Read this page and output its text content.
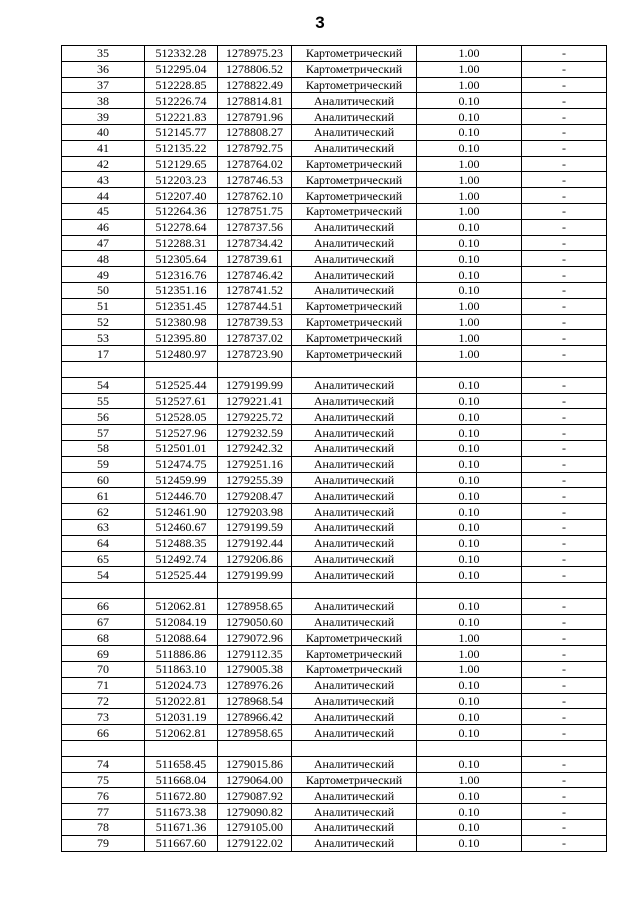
3
35	512332.28	1278975.23	Картометрический	1.00	-
36	512295.04	1278806.52	Картометрический	1.00	-
37	512228.85	1278822.49	Картометрический	1.00	-
38	512226.74	1278814.81	Аналитический	0.10	-
39	512221.83	1278791.96	Аналитический	0.10	-
40	512145.77	1278808.27	Аналитический	0.10	-
41	512135.22	1278792.75	Аналитический	0.10	-
42	512129.65	1278764.02	Картометрический	1.00	-
43	512203.23	1278746.53	Картометрический	1.00	-
44	512207.40	1278762.10	Картометрический	1.00	-
45	512264.36	1278751.75	Картометрический	1.00	-
46	512278.64	1278737.56	Аналитический	0.10	-
47	512288.31	1278734.42	Аналитический	0.10	-
48	512305.64	1278739.61	Аналитический	0.10	-
49	512316.76	1278746.42	Аналитический	0.10	-
50	512351.16	1278741.52	Аналитический	0.10	-
51	512351.45	1278744.51	Картометрический	1.00	-
52	512380.98	1278739.53	Картометрический	1.00	-
53	512395.80	1278737.02	Картометрический	1.00	-
17	512480.97	1278723.90	Картометрический	1.00	-

54	512525.44	1279199.99	Аналитический	0.10	-
55	512527.61	1279221.41	Аналитический	0.10	-
56	512528.05	1279225.72	Аналитический	0.10	-
57	512527.96	1279232.59	Аналитический	0.10	-
58	512501.01	1279242.32	Аналитический	0.10	-
59	512474.75	1279251.16	Аналитический	0.10	-
60	512459.99	1279255.39	Аналитический	0.10	-
61	512446.70	1279208.47	Аналитический	0.10	-
62	512461.90	1279203.98	Аналитический	0.10	-
63	512460.67	1279199.59	Аналитический	0.10	-
64	512488.35	1279192.44	Аналитический	0.10	-
65	512492.74	1279206.86	Аналитический	0.10	-
54	512525.44	1279199.99	Аналитический	0.10	-

66	512062.81	1278958.65	Аналитический	0.10	-
67	512084.19	1279050.60	Аналитический	0.10	-
68	512088.64	1279072.96	Картометрический	1.00	-
69	511886.86	1279112.35	Картометрический	1.00	-
70	511863.10	1279005.38	Картометрический	1.00	-
71	512024.73	1278976.26	Аналитический	0.10	-
72	512022.81	1278968.54	Аналитический	0.10	-
73	512031.19	1278966.42	Аналитический	0.10	-
66	512062.81	1278958.65	Аналитический	0.10	-

74	511658.45	1279015.86	Аналитический	0.10	-
75	511668.04	1279064.00	Картометрический	1.00	-
76	511672.80	1279087.92	Аналитический	0.10	-
77	511673.38	1279090.82	Аналитический	0.10	-
78	511671.36	1279105.00	Аналитический	0.10	-
79	511667.60	1279122.02	Аналитический	0.10	-
